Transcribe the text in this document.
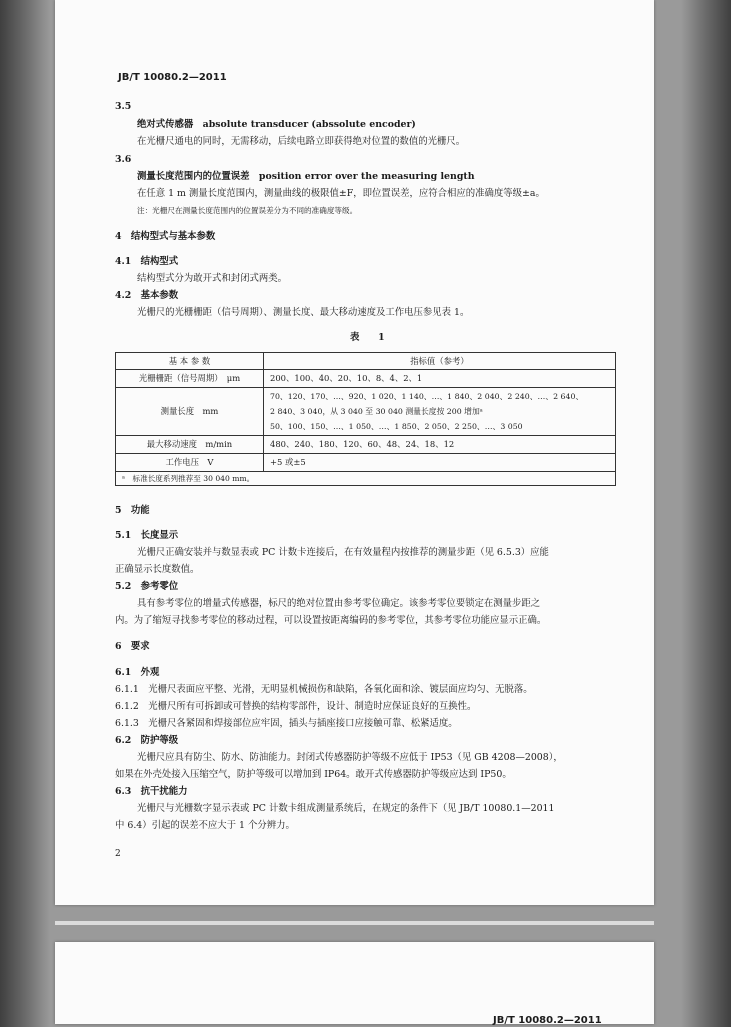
JB/T 10080.2—2011
3.5
绝对式传感器  absolute transducer (abssolute encoder)
在光栅尺通电的同时，无需移动，后续电路立即获得绝对位置的数值的光栅尺。
3.6
测量长度范围内的位置误差  position error over the measuring length
在任意 1 m 测量长度范围内，测量曲线的极限值±F，即位置误差，应符合相应的准确度等级±a。
注：光栅尺在测量长度范围内的位置误差分为不同的准确度等级。
4　结构型式与基本参数
4.1　结构型式
结构型式分为敢开式和封闭式两类。
4.2　基本参数
光栅尺的光栅栅距（信号周期）、测量长度、最大移动速度及工作电压参见表 1。
表　　1
基 本 参 数	指标值（参考）
光栅栅距（信号周期）　μm	200、100、40、20、10、8、4、2、1

测量长度　mm	70、120、170、…、920、1 020、1 140、…、1 840、2 040、2 240、…、2 640、
2 840、3 040，从 3 040 至 30 040 测量长度按 200 增加ᵃ
50、100、150、…、1 050、…、1 850、2 050、2 250、…、3 050

最大移动速度　m/min	480、240、180、120、60、48、24、18、12

工作电压　V	+5 或±5

ᵃ　标准长度系列推荐至 30 040 mm。	
5　功能
5.1　长度显示
光栅尺正确安装并与数显表或 PC 计数卡连接后，在有效量程内按推荐的测量步距（见 6.5.3）应能
正确显示长度数值。
5.2　参考零位
具有参考零位的增量式传感器，标尺的绝对位置由参考零位确定。该参考零位要锁定在测量步距之
内。为了缩短寻找参考零位的移动过程，可以设置按距离编码的参考零位，其参考零位功能应显示正确。
6　要求
6.1　外观
6.1.1　光栅尺表面应平整、光滑，无明显机械损伤和缺陷，各氧化面和涂、镀层面应均匀、无脱落。
6.1.2　光栅尺所有可拆卸或可替换的结构零部件，设计、制造时应保证良好的互换性。
6.1.3　光栅尺各紧固和焊接部位应牢固，插头与插座接口应接触可靠、松紧适度。
6.2　防护等级
光栅尺应具有防尘、防水、防油能力。封闭式传感器防护等级不应低于 IP53（见 GB 4208—2008），
如果在外壳处接入压缩空气，防护等级可以增加到 IP64。敢开式传感器防护等级应达到 IP50。
6.3　抗干扰能力
光栅尺与光栅数字显示表或 PC 计数卡组成测量系统后，在规定的条件下（见 JB/T 10080.1—2011
中 6.4）引起的误差不应大于 1 个分辨力。
2
JB/T 10080.2—2011
